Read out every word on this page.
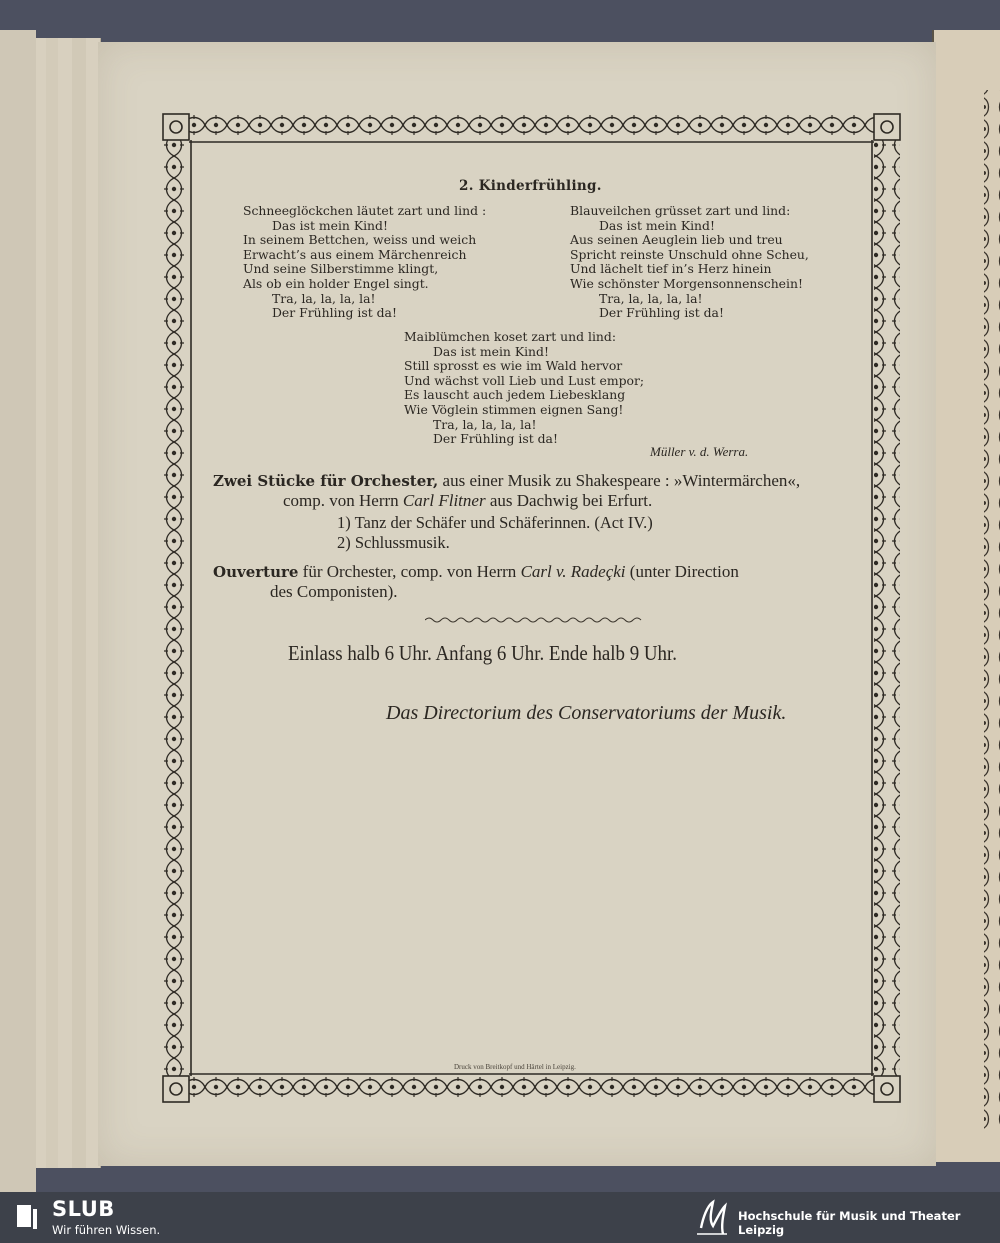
2. Kinderfrühling.
Schneeglöckchen läutet zart und lind :
Das ist mein Kind!
In seinem Bettchen, weiss und weich
Erwacht’s aus einem Märchenreich
Und seine Silberstimme klingt,
Als ob ein holder Engel singt.
Tra, la, la, la, la!
Der Frühling ist da!
Blauveilchen grüsset zart und lind:
Das ist mein Kind!
Aus seinen Aeuglein lieb und treu
Spricht reinste Unschuld ohne Scheu,
Und lächelt tief in’s Herz hinein
Wie schönster Morgensonnenschein!
Tra, la, la, la, la!
Der Frühling ist da!
Maiblümchen koset zart und lind:
Das ist mein Kind!
Still sprosst es wie im Wald hervor
Und wächst voll Lieb und Lust empor;
Es lauscht auch jedem Liebesklang
Wie Vöglein stimmen eignen Sang!
Tra, la, la, la, la!
Der Frühling ist da!
Müller v. d. Werra.
Zwei Stücke für Orchester, aus einer Musik zu Shakespeare : »Wintermärchen«,
comp. von Herrn Carl Flitner aus Dachwig bei Erfurt.
1) Tanz der Schäfer und Schäferinnen. (Act IV.)
2) Schlussmusik.
Ouverture für Orchester, comp. von Herrn Carl v. Radeçki (unter Direction
des Componisten).
Einlass halb 6 Uhr. Anfang 6 Uhr. Ende halb 9 Uhr.
Das Directorium des Conservatoriums der Musik.
Druck von Breitkopf und Härtel in Leipzig.
SLUB
Wir führen Wissen.
Hochschule für Musik und Theater Leipzig
